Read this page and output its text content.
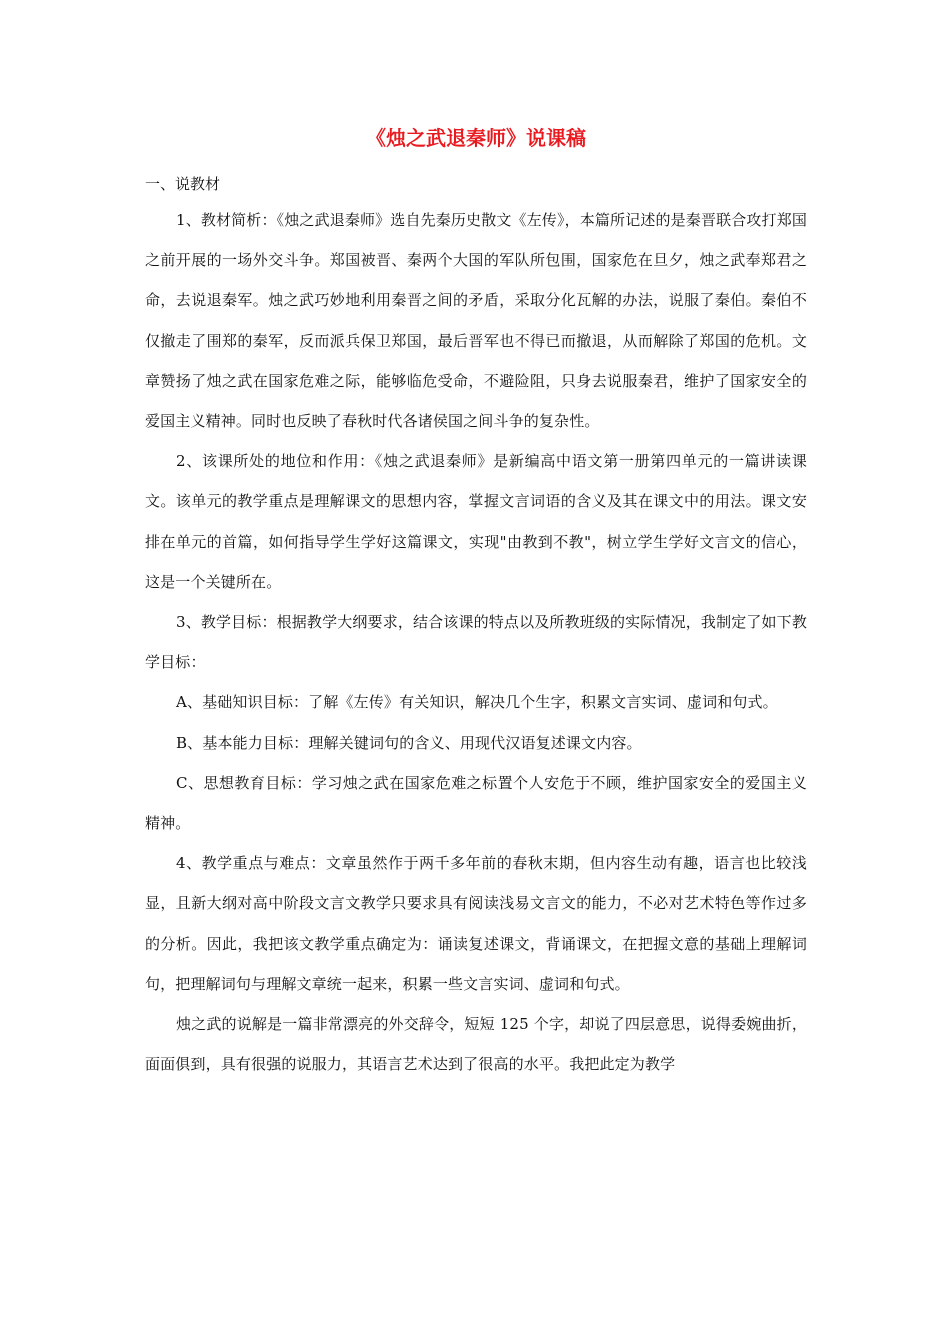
《烛之武退秦师》说课稿
一、说教材

1、教材简析：《烛之武退秦师》选自先秦历史散文《左传》，本篇所记述的是秦晋联合攻打郑国之前开展的一场外交斗争。郑国被晋、秦两个大国的军队所包围，国家危在旦夕，烛之武奉郑君之命，去说退秦军。烛之武巧妙地利用秦晋之间的矛盾，采取分化瓦解的办法，说服了秦伯。秦伯不仅撤走了围郑的秦军，反而派兵保卫郑国，最后晋军也不得已而撤退，从而解除了郑国的危机。文章赞扬了烛之武在国家危难之际，能够临危受命，不避险阻，只身去说服秦君，维护了国家安全的爱国主义精神。同时也反映了春秋时代各诸侯国之间斗争的复杂性。

2、该课所处的地位和作用：《烛之武退秦师》是新编高中语文第一册第四单元的一篇讲读课文。该单元的教学重点是理解课文的思想内容，掌握文言词语的含义及其在课文中的用法。课文安排在单元的首篇，如何指导学生学好这篇课文，实现"由教到不教"，树立学生学好文言文的信心，这是一个关键所在。

3、教学目标：根据教学大纲要求，结合该课的特点以及所教班级的实际情况，我制定了如下教学目标：

A、基础知识目标：了解《左传》有关知识，解决几个生字，积累文言实词、虚词和句式。

B、基本能力目标：理解关键词句的含义、用现代汉语复述课文内容。

C、思想教育目标：学习烛之武在国家危难之标置个人安危于不顾，维护国家安全的爱国主义精神。

4、教学重点与难点：文章虽然作于两千多年前的春秋末期，但内容生动有趣，语言也比较浅显，且新大纲对高中阶段文言文教学只要求具有阅读浅易文言文的能力，不必对艺术特色等作过多的分析。因此，我把该文教学重点确定为：诵读复述课文，背诵课文，在把握文意的基础上理解词句，把理解词句与理解文章统一起来，积累一些文言实词、虚词和句式。

烛之武的说解是一篇非常漂亮的外交辞令，短短 125 个字，却说了四层意思，说得委婉曲折，面面俱到，具有很强的说服力，其语言艺术达到了很高的水平。我把此定为教学
